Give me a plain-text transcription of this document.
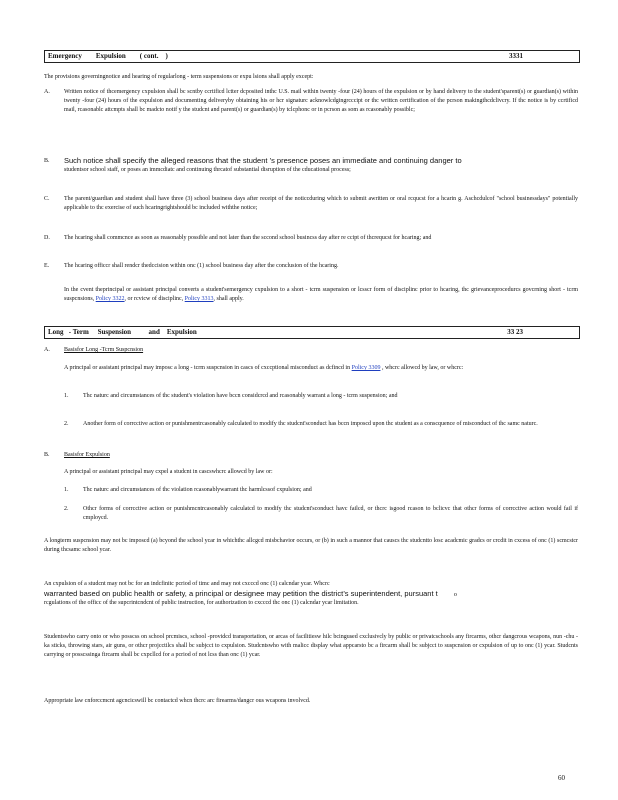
Emergency        Expulsion        ( cont.    )	3331
The provisions governingnotice and hearing of regularlong - term suspensions or expu lsions shall apply except:
A. Written notice of thcemergency cxpulsion shall bc scntby ccrtificd lctter dcposited inthc U.S. mail within twenty -four (24) hours of the expulsion or by hand delivery to the student'sparent(s) or guardian(s) within twenty -four (24) hours of the expulsion and documenting deliveryby obtaining his or hcr signaturc acknowlcdgingrcccipt or thc writtcn certification of the pcrson makingthcdclivcry. If thc notice is by ccrtificd mail, rcasonablc attcmpts shall bc madcto notif y the studcnt and parent(s) or guardian(s) by tclcphonc or in pcrson as som as rcasonably possiblc;
B. Such notice shall specify the alleged reasons that the student ’s presence poses an immediate and continuing danger to
studentsor school staff, or poses an immcdiatc and continuing thrcatof substantial disruption of the cducational process;
C. The parent/guardian and student shall have three (3) school business days after receipt of the noticcduring which to submit awritten or oral rcqucst for a hcarin g. Aschcdulcof "school businessdays" potentially applicable to thc exercise of such hcaringrightshould bc included withthe notice;
D. The hcaring shall commcnce as soon as reasonably possible and not later than the sccond school busincss day after re ccipt of thcrequcst for hcaring; and
E. The hcaring officcr shall rendcr thedccision within onc (1) school business day after the conclusion of the hcaring.
In the cvent theprincipal or assistant principal converts a student'semergency cxpulsion to a short - tcrm suspension or lcsscr form of disciplinc prior to hcaring, thc grievanceprocedurcs govcrning short - tcrm suspcnsions, Policy 3322, or rcvicw of disciplinc, Policy 3313, shall apply.
Long   - Term     Suspension          and    Expulsion	33 23
A. Basisfor Long -Tcrm Suspcnsion
A principal or assistant principal may imposc a long - tcrm suspcnsion in cascs of cxccptional misconduct as dcfincd in Policy 3309 , whcrc allowcd by law, or whcrc:
1. Thc naturc and circumstances of thc student's violation have bccn considcrcd and rcasonably warrant a long - tcrm suspension; and
2. Another form of corrcctive action or punishmentrcasonably calculated to modify thc studcnt'sconduct has bccn imposcd upon thc student as a conscquence of misconduct of thc samc naturc.
B. Basisfor Expulsion
A principal or assistant principal may cxpel a studcnt in cascswhcrc allowcd by law or:
1. Thc naturc and circumstances of thc violation rcasonablywarrant thc harmlcssof cxpulsion; and
2. Othcr forms of corrcctive action or punishmcntrcasonably calculatcd to modify thc studcnt'sconduct havc failcd, or thcrc isgood rcason to bclicvc that othcr forms of corrcctive action would fail if cmploycd.
A longterm suspcnsion may not bc imposcd (a) bcyond the school ycar in whichthc allcgcd misbchavior occurs, or (b) in such a mannor that causcs thc studcntto losc acadcmic gradcs or crcdit in cxcess of onc (1) scmcstcr during thcsamc school ycar.
An cxpulsion of a studcnt may not bc for an indcfinitc pcriod of timc and may not cxcccd onc (1) calcndar ycar. Whcrc
warranted based on public health or safety, a principal or designee may petition the district’s superintendent, pursuant t	o
rcgulations of the officc of the supcrintcndcnt of public instruction, for authorization to cxcccd thc onc (1) calcndar ycar limitation.
Studentswho carry onto or who posscss on school prcmiscs, school -providcd transportation, or arcas of facilitiesw hilc bcingused cxclusivcly by public or privatcschools any fircarms, othcr dangcrous wcapons, nun -chu -ka sticks, throwing stars, air guns, or othcr projcctilcs shall bc subjcct to cxpulsion. Studcntswho with malicc display what appcarsto bc a fircarm shall bc subjcct to suspcnsion or cxpulsion of up to onc (1) ycar. Studcnts carrying or posscssinga fircarm shall bc cxpcllcd for a pcriod of not lcss than onc (1) ycar.
Appropriate law cnforccmcnt agcncicswill bc contactcd whcn thcrc arc firearms/dangcr ous wcapons involvcd.
60
